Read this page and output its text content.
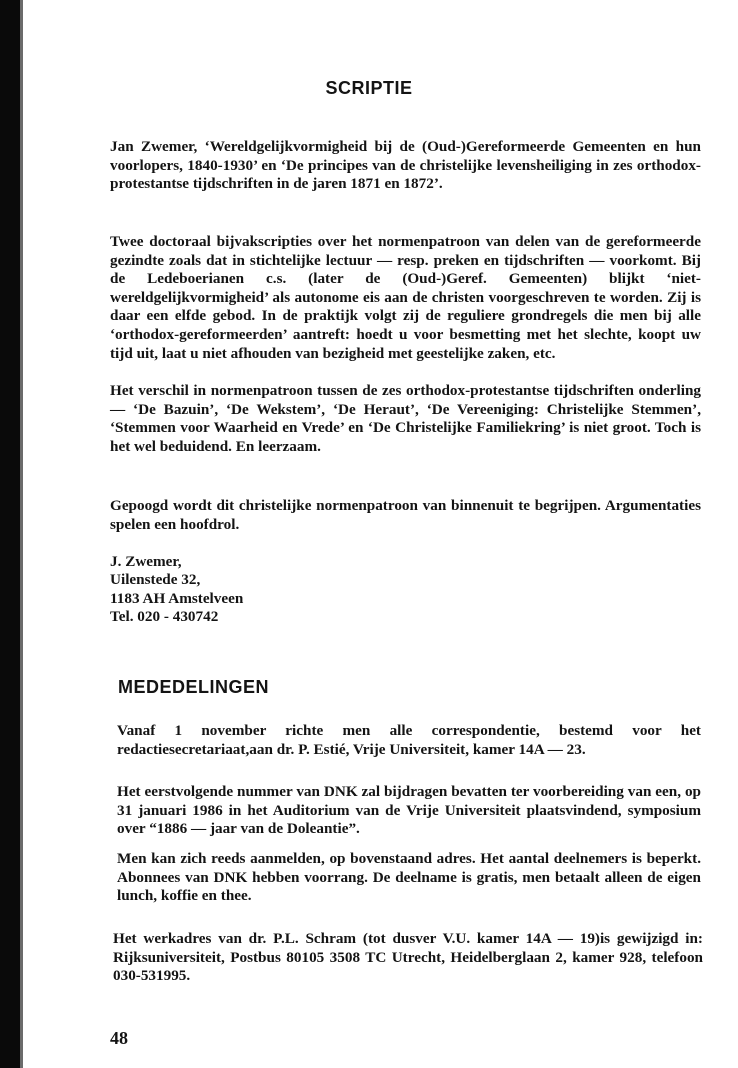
SCRIPTIE

Jan Zwemer, ‘Wereldgelijkvormigheid bij de (Oud-)Gereformeerde Gemeenten en hun voorlopers, 1840-1930’ en ‘De principes van de christelijke levensheiliging in zes orthodox-protestantse tijdschriften in de jaren 1871 en 1872’.

Twee doctoraal bijvakscripties over het normenpatroon van delen van de gereformeerde gezindte zoals dat in stichtelijke lectuur — resp. preken en tijdschriften — voorkomt. Bij de Ledeboerianen c.s. (later de (Oud-)Geref. Gemeenten) blijkt ‘niet-wereldgelijkvormigheid’ als autonome eis aan de christen voorgeschreven te worden. Zij is daar een elfde gebod. In de praktijk volgt zij de reguliere grondregels die men bij alle ‘orthodox-gereformeerden’ aantreft: hoedt u voor besmetting met het slechte, koopt uw tijd uit, laat u niet afhouden van bezigheid met geestelijke zaken, etc.

Het verschil in normenpatroon tussen de zes orthodox-protestantse tijdschriften onderling — ‘De Bazuin’, ‘De Wekstem’, ‘De Heraut’, ‘De Vereeniging: Christelijke Stemmen’, ‘Stemmen voor Waarheid en Vrede’ en ‘De Christelijke Familiekring’ is niet groot. Toch is het wel beduidend. En leerzaam.

Gepoogd wordt dit christelijke normenpatroon van binnenuit te begrijpen. Argumentaties spelen een hoofdrol.

J. Zwemer,

Uilenstede 32,

1183 AH Amstelveen

Tel. 020 - 430742

MEDEDELINGEN

Vanaf 1 november richte men alle correspondentie, bestemd voor het redactiesecretariaat,aan dr. P. Estié, Vrije Universiteit, kamer 14A — 23.

Het eerstvolgende nummer van DNK zal bijdragen bevatten ter voorbereiding van een, op 31 januari 1986 in het Auditorium van de Vrije Universiteit plaatsvindend, symposium over “1886 — jaar van de Doleantie”.

Men kan zich reeds aanmelden, op bovenstaand adres. Het aantal deelnemers is beperkt. Abonnees van DNK hebben voorrang. De deelname is gratis, men betaalt alleen de eigen lunch, koffie en thee.

Het werkadres van dr. P.L. Schram (tot dusver V.U. kamer 14A — 19)is gewijzigd in: Rijksuniversiteit, Postbus 80105 3508 TC Utrecht, Heidelberglaan 2, kamer 928, telefoon 030-531995.

48
